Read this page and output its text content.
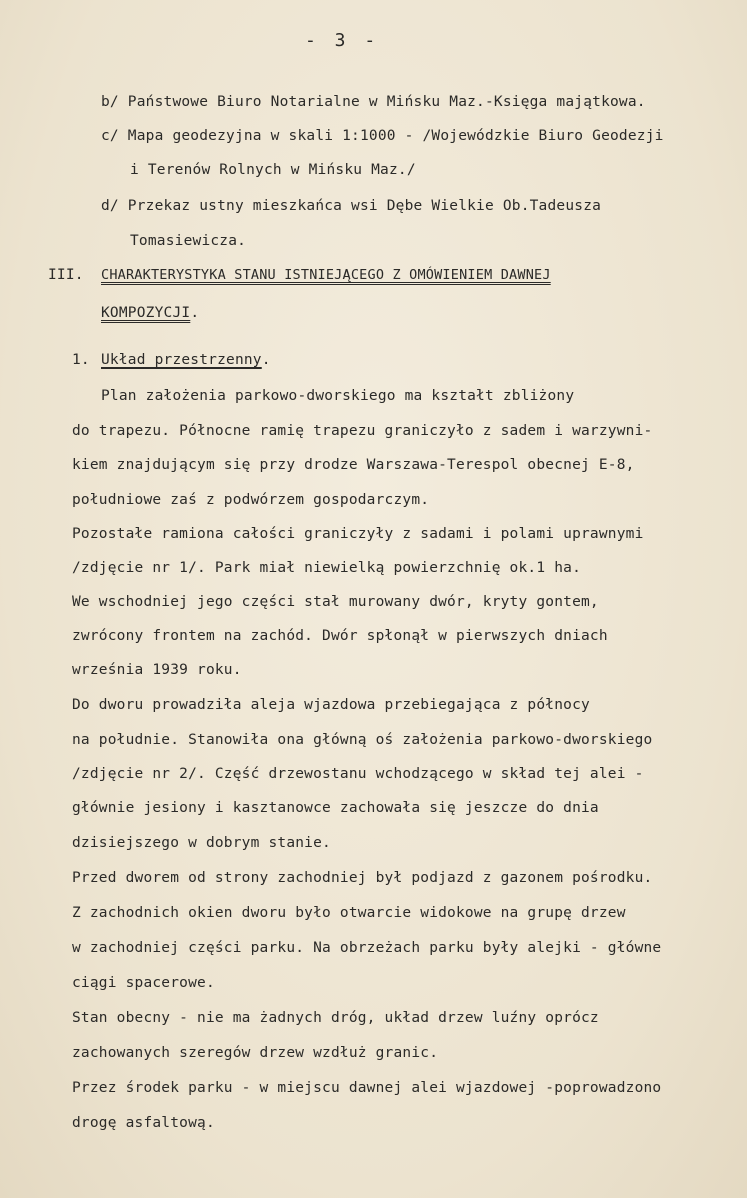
- 3 -
b/ Państwowe Biuro Notarialne w Mińsku Maz.-Księga majątkowa.
c/ Mapa geodezyjna w skali 1:1000 - /Wojewódzkie Biuro Geodezji
i Terenów Rolnych w Mińsku Maz./
d/ Przekaz ustny mieszkańca wsi Dębe Wielkie Ob.Tadeusza
Tomasiewicza.
III. CHARAKTERYSTYKA STANU ISTNIEJĄCEGO Z OMÓWIENIEM DAWNEJ
KOMPOZYCJI.
1. Układ przestrzenny.
Plan założenia parkowo-dworskiego ma kształt zbliżony
do trapezu. Północne ramię trapezu graniczyło z sadem i warzywni-
kiem znajdującym się przy drodze Warszawa-Terespol obecnej E-8,
południowe zaś z podwórzem gospodarczym.
Pozostałe ramiona całości graniczyły z sadami i polami uprawnymi
/zdjęcie nr 1/. Park miał niewielką powierzchnię ok.1 ha.
We wschodniej jego części stał murowany dwór, kryty gontem,
zwrócony frontem na zachód. Dwór spłonął w pierwszych dniach
września 1939 roku.
Do dworu prowadziła aleja wjazdowa przebiegająca z północy
na południe. Stanowiła ona główną oś założenia parkowo-dworskiego
/zdjęcie nr 2/. Część drzewostanu wchodzącego w skład tej alei -
głównie jesiony i kasztanowce zachowała się jeszcze do dnia
dzisiejszego w dobrym stanie.
Przed dworem od strony zachodniej był podjazd z gazonem pośrodku.
Z zachodnich okien dworu było otwarcie widokowe na grupę drzew
w zachodniej części parku. Na obrzeżach parku były alejki - główne
ciągi spacerowe.
Stan obecny - nie ma żadnych dróg, układ drzew luźny oprócz
zachowanych szeregów drzew wzdłuż granic.
Przez środek parku - w miejscu dawnej alei wjazdowej -poprowadzono
drogę asfaltową.
